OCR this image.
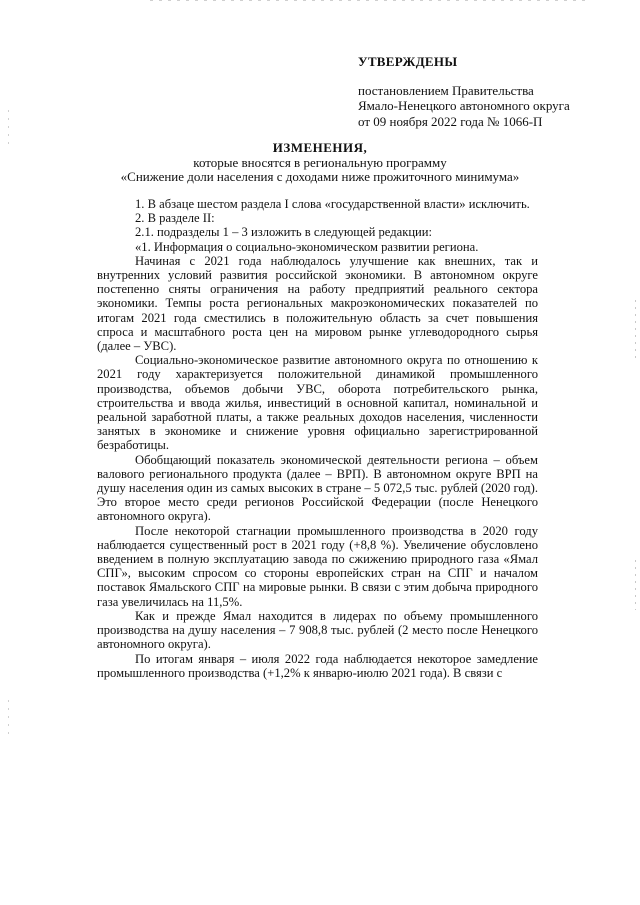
УТВЕРЖДЕНЫ
постановлением Правительства
Ямало-Ненецкого автономного округа
от 09 ноября 2022 года № 1066-П
ИЗМЕНЕНИЯ,
которые вносятся в региональную программу
«Снижение доли населения с доходами ниже прожиточного минимума»

1. В абзаце шестом раздела I слова «государственной власти» исключить.

2. В разделе II:

2.1. подразделы 1 – 3 изложить в следующей редакции:

«1. Информация о социально-экономическом развитии региона.

Начиная с 2021 года наблюдалось улучшение как внешних, так и внутренних условий развития российской экономики. В автономном округе постепенно сняты ограничения на работу предприятий реального сектора экономики. Темпы роста региональных макроэкономических показателей по итогам 2021 года сместились в положительную область за счет повышения спроса и масштабного роста цен на мировом рынке углеводородного сырья (далее – УВС).

Социально-экономическое развитие автономного округа по отношению к 2021 году характеризуется положительной динамикой промышленного производства, объемов добычи УВС, оборота потребительского рынка, строительства и ввода жилья, инвестиций в основной капитал, номинальной и реальной заработной платы, а также реальных доходов населения, численности занятых в экономике и снижение уровня официально зарегистрированной безработицы.

Обобщающий показатель экономической деятельности региона – объем валового регионального продукта (далее – ВРП). В автономном округе ВРП на душу населения один из самых высоких в стране – 5 072,5 тыс. рублей (2020 год). Это второе место среди регионов Российской Федерации (после Ненецкого автономного округа).

После некоторой стагнации промышленного производства в 2020 году наблюдается существенный рост в 2021 году (+8,8 %). Увеличение обусловлено введением в полную эксплуатацию завода по сжижению природного газа «Ямал СПГ», высоким спросом со стороны европейских стран на СПГ и началом поставок Ямальского СПГ на мировые рынки. В связи с этим добыча природного газа увеличилась на 11,5%.

Как и прежде Ямал находится в лидерах по объему промышленного производства на душу населения – 7 908,8 тыс. рублей (2 место после Ненецкого автономного округа).

По итогам января – июля 2022 года наблюдается некоторое замедление промышленного производства (+1,2% к январю-июлю 2021 года). В связи с
